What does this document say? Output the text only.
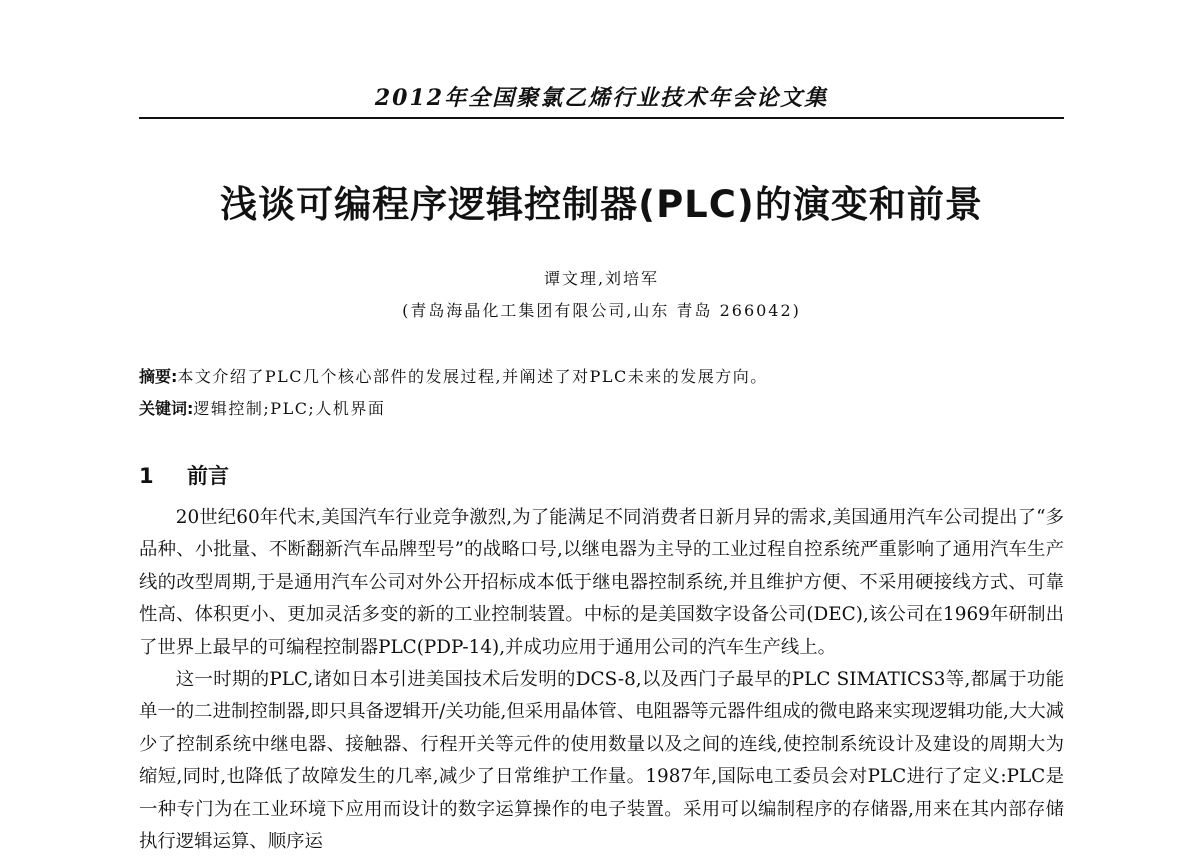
2012年全国聚氯乙烯行业技术年会论文集
浅谈可编程序逻辑控制器(PLC)的演变和前景
谭文理,刘培军
(青岛海晶化工集团有限公司,山东 青岛 266042)
摘要:本文介绍了PLC几个核心部件的发展过程,并阐述了对PLC未来的发展方向。
关键词:逻辑控制;PLC;人机界面
1 前言

20世纪60年代末,美国汽车行业竞争激烈,为了能满足不同消费者日新月异的需求,美国通用汽车公司提出了“多品种、小批量、不断翻新汽车品牌型号”的战略口号,以继电器为主导的工业过程自控系统严重影响了通用汽车生产线的改型周期,于是通用汽车公司对外公开招标成本低于继电器控制系统,并且维护方便、不采用硬接线方式、可靠性高、体积更小、更加灵活多变的新的工业控制装置。中标的是美国数字设备公司(DEC),该公司在1969年研制出了世界上最早的可编程控制器PLC(PDP-14),并成功应用于通用公司的汽车生产线上。

这一时期的PLC,诸如日本引进美国技术后发明的DCS-8,以及西门子最早的PLC SIMATICS3等,都属于功能单一的二进制控制器,即只具备逻辑开/关功能,但采用晶体管、电阻器等元器件组成的微电路来实现逻辑功能,大大减少了控制系统中继电器、接触器、行程开关等元件的使用数量以及之间的连线,使控制系统设计及建设的周期大为缩短,同时,也降低了故障发生的几率,减少了日常维护工作量。1987年,国际电工委员会对PLC进行了定义:PLC是一种专门为在工业环境下应用而设计的数字运算操作的电子装置。采用可以编制程序的存储器,用来在其内部存储执行逻辑运算、顺序运
